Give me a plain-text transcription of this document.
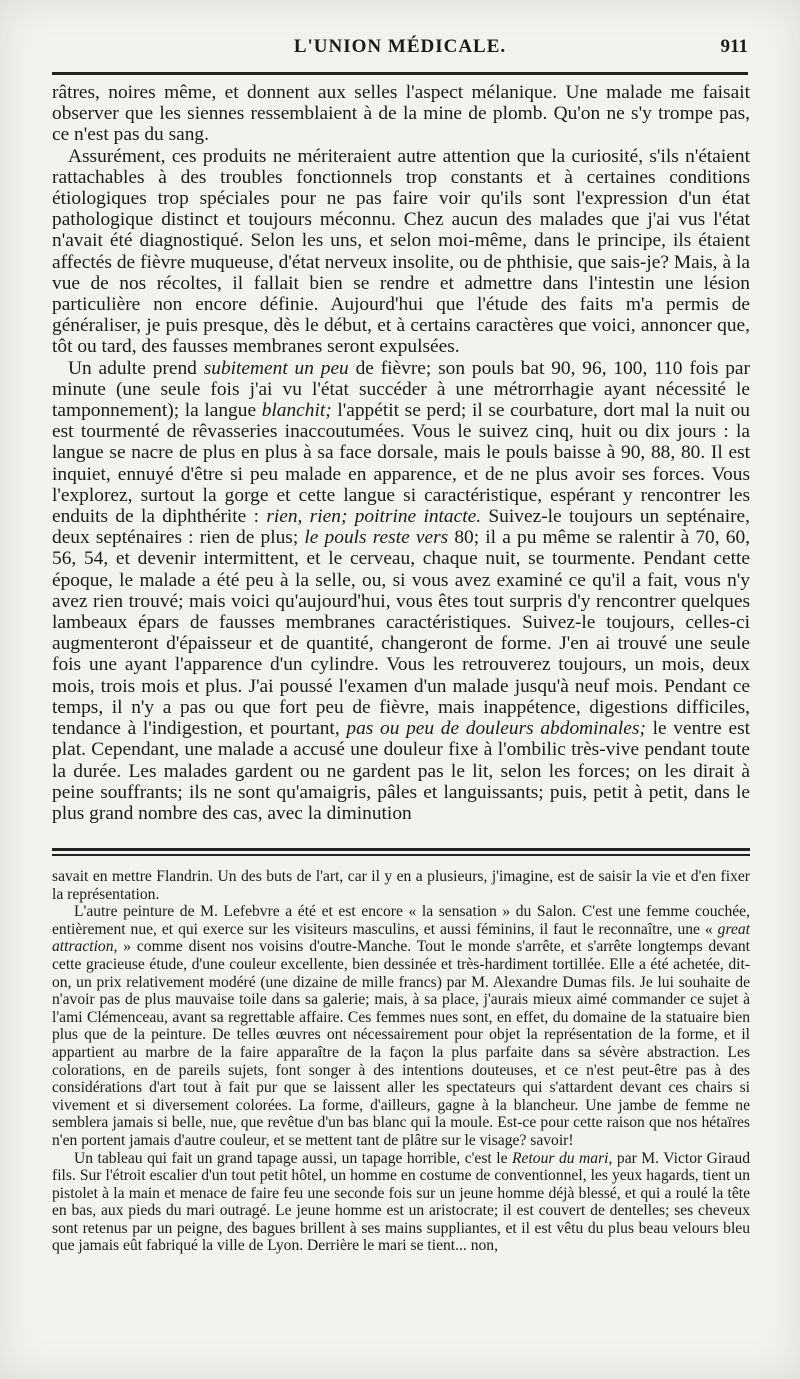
L'UNION MÉDICALE.	911

râtres, noires même, et donnent aux selles l'aspect mélanique. Une malade me faisait observer que les siennes ressemblaient à de la mine de plomb. Qu'on ne s'y trompe pas, ce n'est pas du sang.

Assurément, ces produits ne mériteraient autre attention que la curiosité, s'ils n'étaient rattachables à des troubles fonctionnels trop constants et à certaines conditions étiologiques trop spéciales pour ne pas faire voir qu'ils sont l'expression d'un état pathologique distinct et toujours méconnu. Chez aucun des malades que j'ai vus l'état n'avait été diagnostiqué. Selon les uns, et selon moi-même, dans le principe, ils étaient affectés de fièvre muqueuse, d'état nerveux insolite, ou de phthisie, que sais-je? Mais, à la vue de nos récoltes, il fallait bien se rendre et admettre dans l'intestin une lésion particulière non encore définie. Aujourd'hui que l'étude des faits m'a permis de généraliser, je puis presque, dès le début, et à certains caractères que voici, annoncer que, tôt ou tard, des fausses membranes seront expulsées.

Un adulte prend subitement un peu de fièvre; son pouls bat 90, 96, 100, 110 fois par minute (une seule fois j'ai vu l'état succéder à une métrorrhagie ayant nécessité le tamponnement); la langue blanchit; l'appétit se perd; il se courbature, dort mal la nuit ou est tourmenté de rêvasseries inaccoutumées. Vous le suivez cinq, huit ou dix jours : la langue se nacre de plus en plus à sa face dorsale, mais le pouls baisse à 90, 88, 80. Il est inquiet, ennuyé d'être si peu malade en apparence, et de ne plus avoir ses forces. Vous l'explorez, surtout la gorge et cette langue si caractéristique, espérant y rencontrer les enduits de la diphthérite : rien, rien; poitrine intacte. Suivez-le toujours un septénaire, deux septénaires : rien de plus; le pouls reste vers 80; il a pu même se ralentir à 70, 60, 56, 54, et devenir intermittent, et le cerveau, chaque nuit, se tourmente. Pendant cette époque, le malade a été peu à la selle, ou, si vous avez examiné ce qu'il a fait, vous n'y avez rien trouvé; mais voici qu'aujourd'hui, vous êtes tout surpris d'y rencontrer quelques lambeaux épars de fausses membranes caractéristiques. Suivez-le toujours, celles-ci augmenteront d'épaisseur et de quantité, changeront de forme. J'en ai trouvé une seule fois une ayant l'apparence d'un cylindre. Vous les retrouverez toujours, un mois, deux mois, trois mois et plus. J'ai poussé l'examen d'un malade jusqu'à neuf mois. Pendant ce temps, il n'y a pas ou que fort peu de fièvre, mais inappétence, digestions difficiles, tendance à l'indigestion, et pourtant, pas ou peu de douleurs abdominales; le ventre est plat. Cependant, une malade a accusé une douleur fixe à l'ombilic très-vive pendant toute la durée. Les malades gardent ou ne gardent pas le lit, selon les forces; on les dirait à peine souffrants; ils ne sont qu'amaigris, pâles et languissants; puis, petit à petit, dans le plus grand nombre des cas, avec la diminution

savait en mettre Flandrin. Un des buts de l'art, car il y en a plusieurs, j'imagine, est de saisir la vie et d'en fixer la représentation.

L'autre peinture de M. Lefebvre a été et est encore « la sensation » du Salon. C'est une femme couchée, entièrement nue, et qui exerce sur les visiteurs masculins, et aussi féminins, il faut le reconnaître, une « great attraction, » comme disent nos voisins d'outre-Manche. Tout le monde s'arrête, et s'arrête longtemps devant cette gracieuse étude, d'une couleur excellente, bien dessinée et très-hardiment tortillée. Elle a été achetée, dit-on, un prix relativement modéré (une dizaine de mille francs) par M. Alexandre Dumas fils. Je lui souhaite de n'avoir pas de plus mauvaise toile dans sa galerie; mais, à sa place, j'aurais mieux aimé commander ce sujet à l'ami Clémenceau, avant sa regrettable affaire. Ces femmes nues sont, en effet, du domaine de la statuaire bien plus que de la peinture. De telles œuvres ont nécessairement pour objet la représentation de la forme, et il appartient au marbre de la faire apparaître de la façon la plus parfaite dans sa sévère abstraction. Les colorations, en de pareils sujets, font songer à des intentions douteuses, et ce n'est peut-être pas à des considérations d'art tout à fait pur que se laissent aller les spectateurs qui s'attardent devant ces chairs si vivement et si diversement colorées. La forme, d'ailleurs, gagne à la blancheur. Une jambe de femme ne semblera jamais si belle, nue, que revêtue d'un bas blanc qui la moule. Est-ce pour cette raison que nos hétaïres n'en portent jamais d'autre couleur, et se mettent tant de plâtre sur le visage? savoir!

Un tableau qui fait un grand tapage aussi, un tapage horrible, c'est le Retour du mari, par M. Victor Giraud fils. Sur l'étroit escalier d'un tout petit hôtel, un homme en costume de conventionnel, les yeux hagards, tient un pistolet à la main et menace de faire feu une seconde fois sur un jeune homme déjà blessé, et qui a roulé la tête en bas, aux pieds du mari outragé. Le jeune homme est un aristocrate; il est couvert de dentelles; ses cheveux sont retenus par un peigne, des bagues brillent à ses mains suppliantes, et il est vêtu du plus beau velours bleu que jamais eût fabriqué la ville de Lyon. Derrière le mari se tient... non,
